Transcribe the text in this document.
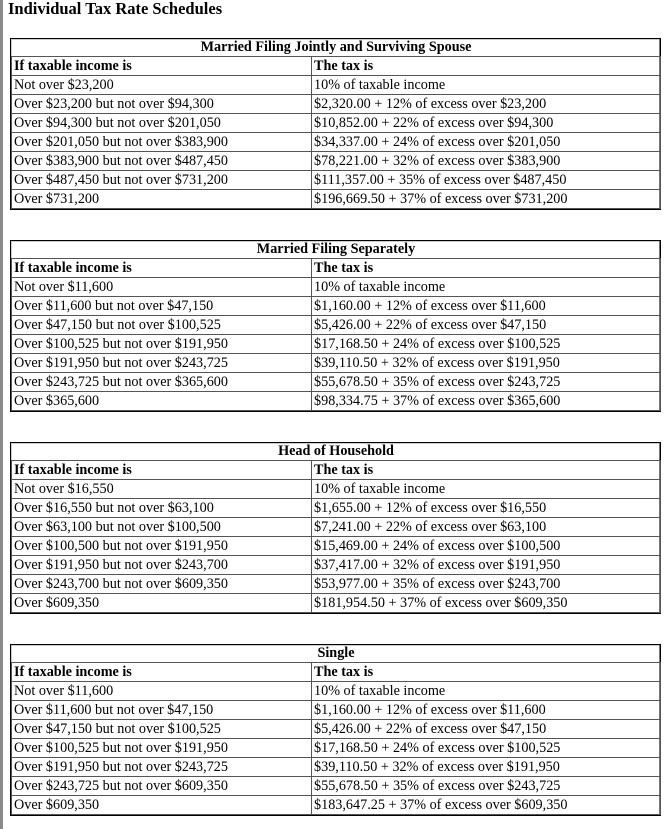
Individual Tax Rate Schedules
Married Filing Jointly and Surviving Spouse	
If taxable income is	The tax is
Not over $23,200	10% of taxable income
Over $23,200 but not over $94,300	$2,320.00 + 12% of excess over $23,200
Over $94,300 but not over $201,050	$10,852.00 + 22% of excess over $94,300
Over $201,050 but not over $383,900	$34,337.00 + 24% of excess over $201,050
Over $383,900 but not over $487,450	$78,221.00 + 32% of excess over $383,900
Over $487,450 but not over $731,200	$111,357.00 + 35% of excess over $487,450
Over $731,200	$196,669.50 + 37% of excess over $731,200
Married Filing Separately	
If taxable income is	The tax is
Not over $11,600	10% of taxable income
Over $11,600 but not over $47,150	$1,160.00 + 12% of excess over $11,600
Over $47,150 but not over $100,525	$5,426.00 + 22% of excess over $47,150
Over $100,525 but not over $191,950	$17,168.50 + 24% of excess over $100,525
Over $191,950 but not over $243,725	$39,110.50 + 32% of excess over $191,950
Over $243,725 but not over $365,600	$55,678.50 + 35% of excess over $243,725
Over $365,600	$98,334.75 + 37% of excess over $365,600
Head of Household	
If taxable income is	The tax is
Not over $16,550	10% of taxable income
Over $16,550 but not over $63,100	$1,655.00 + 12% of excess over $16,550
Over $63,100 but not over $100,500	$7,241.00 + 22% of excess over $63,100
Over $100,500 but not over $191,950	$15,469.00 + 24% of excess over $100,500
Over $191,950 but not over $243,700	$37,417.00 + 32% of excess over $191,950
Over $243,700 but not over $609,350	$53,977.00 + 35% of excess over $243,700
Over $609,350	$181,954.50 + 37% of excess over $609,350
Single	
If taxable income is	The tax is
Not over $11,600	10% of taxable income
Over $11,600 but not over $47,150	$1,160.00 + 12% of excess over $11,600
Over $47,150 but not over $100,525	$5,426.00 + 22% of excess over $47,150
Over $100,525 but not over $191,950	$17,168.50 + 24% of excess over $100,525
Over $191,950 but not over $243,725	$39,110.50 + 32% of excess over $191,950
Over $243,725 but not over $609,350	$55,678.50 + 35% of excess over $243,725
Over $609,350	$183,647.25 + 37% of excess over $609,350
